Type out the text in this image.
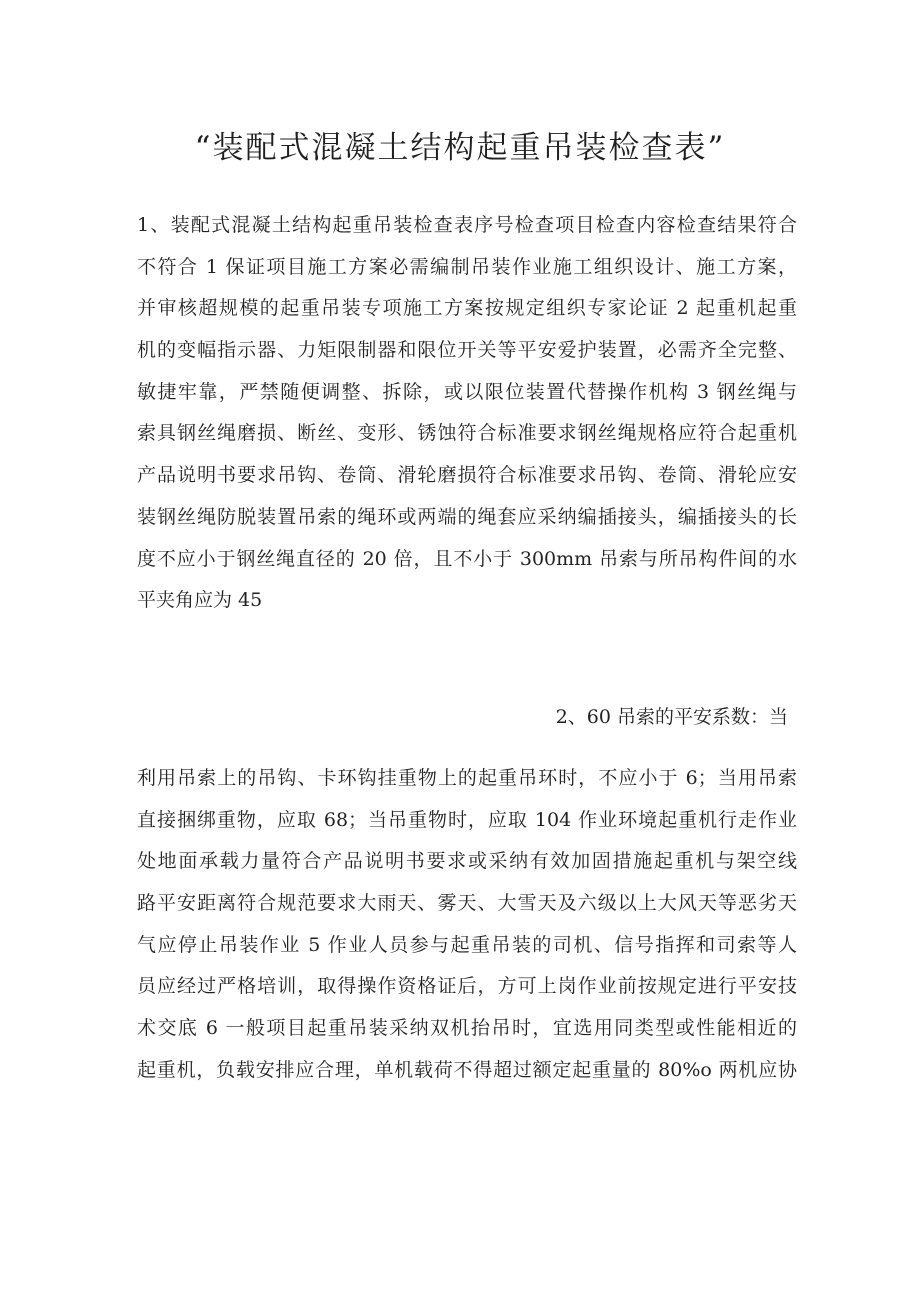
“装配式混凝土结构起重吊装检查表”
1、装配式混凝土结构起重吊装检查表序号检查项目检查内容检查结果符合
不符合 1 保证项目施工方案必需编制吊装作业施工组织设计、施工方案，
并审核超规模的起重吊装专项施工方案按规定组织专家论证 2 起重机起重
机的变幅指示器、力矩限制器和限位开关等平安爱护装置，必需齐全完整、
敏捷牢靠，严禁随便调整、拆除，或以限位装置代替操作机构 3 钢丝绳与
索具钢丝绳磨损、断丝、变形、锈蚀符合标准要求钢丝绳规格应符合起重机
产品说明书要求吊钩、卷筒、滑轮磨损符合标准要求吊钩、卷筒、滑轮应安
装钢丝绳防脱装置吊索的绳环或两端的绳套应采纳编插接头，编插接头的长
度不应小于钢丝绳直径的 20 倍，且不小于 300mm 吊索与所吊构件间的水
平夹角应为 45
2、60 吊索的平安系数：当
利用吊索上的吊钩、卡环钩挂重物上的起重吊环时，不应小于 6；当用吊索
直接捆绑重物，应取 68；当吊重物时，应取 104 作业环境起重机行走作业
处地面承载力量符合产品说明书要求或采纳有效加固措施起重机与架空线
路平安距离符合规范要求大雨天、雾天、大雪天及六级以上大风天等恶劣天
气应停止吊装作业 5 作业人员参与起重吊装的司机、信号指挥和司索等人
员应经过严格培训，取得操作资格证后，方可上岗作业前按规定进行平安技
术交底 6 一般项目起重吊装采纳双机抬吊时，宜选用同类型或性能相近的
起重机，负载安排应合理，单机载荷不得超过额定起重量的 80%o 两机应协
